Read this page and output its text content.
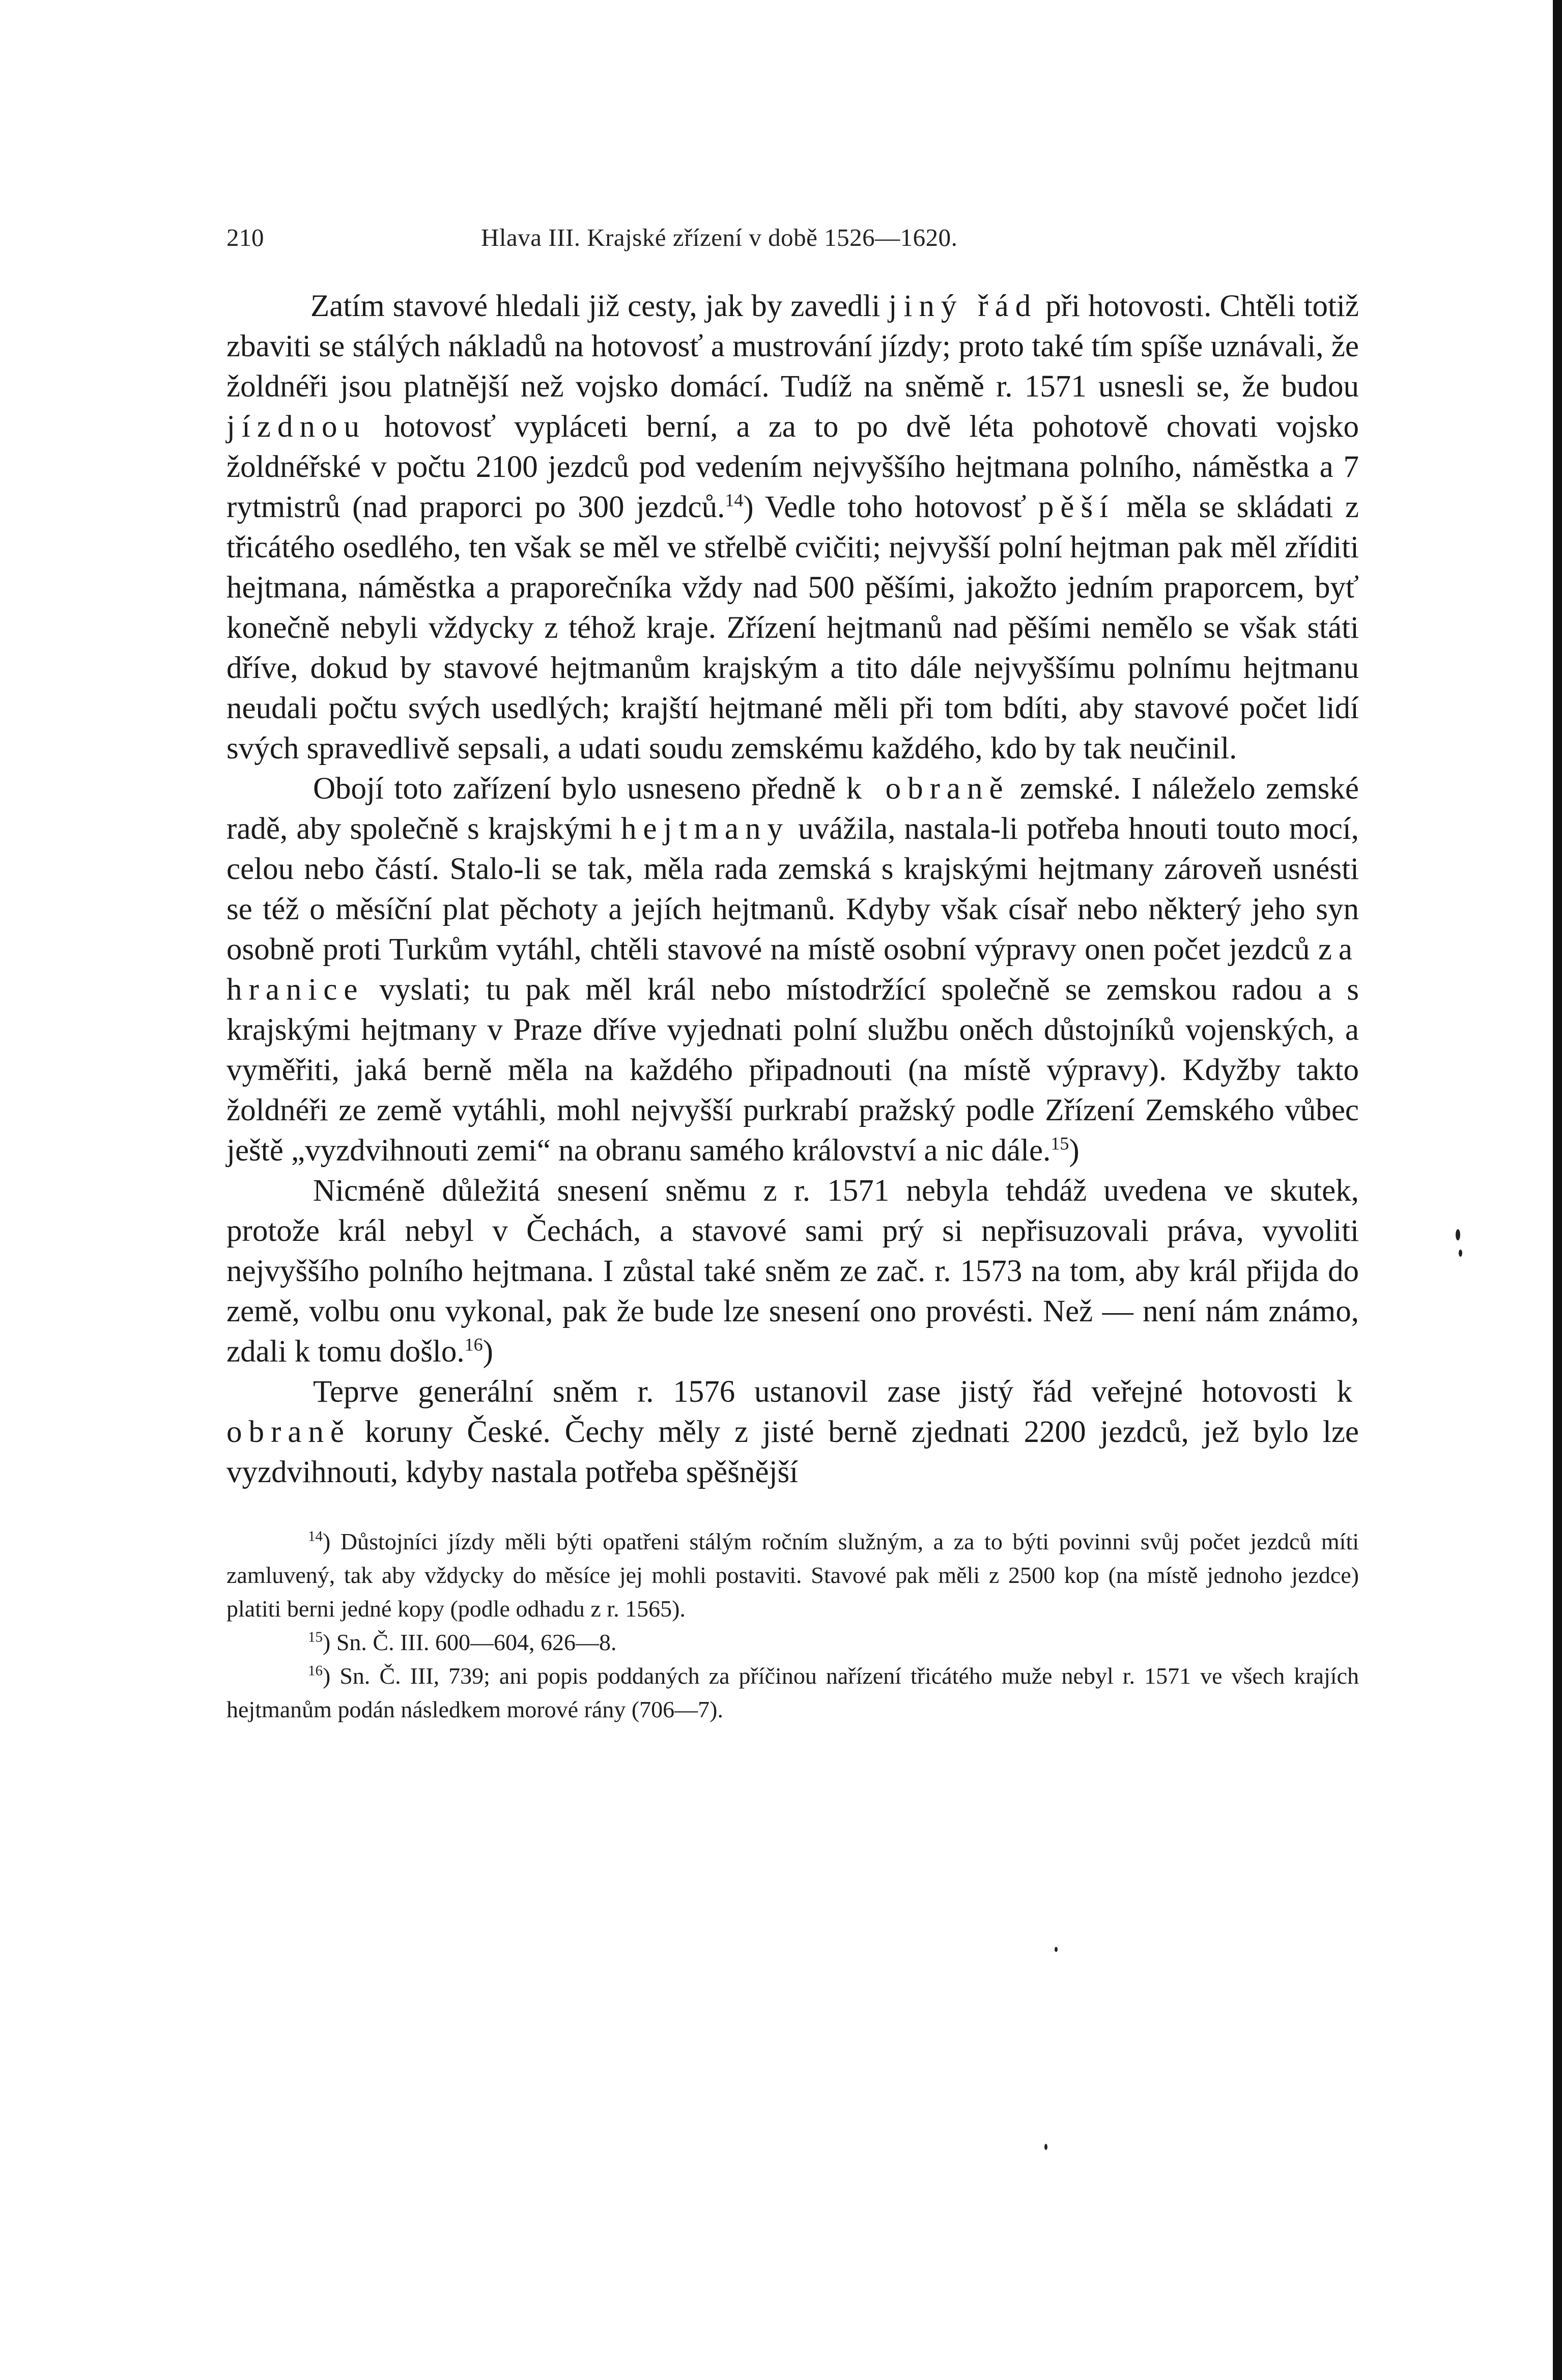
210	Hlava III. Krajské zřízení v době 1526—1620.

Zatím stavové hledali již cesty, jak by zavedli jiný řád při hotovosti. Chtěli totiž zbaviti se stálých nákladů na hotovosť a mustrování jízdy; proto také tím spíše uznávali, že žoldnéři jsou platnější než vojsko domácí. Tudíž na sněmě r. 1571 usnesli se, že budou jízdnou hotovosť vypláceti berní, a za to po dvě léta pohotově chovati vojsko žoldnéřské v počtu 2100 jezdců pod vedením nejvyššího hejtmana polního, náměstka a 7 rytmistrů (nad praporci po 300 jezdců.$^{14}$) Vedle toho hotovosť pěší měla se skládati z třicátého osedlého, ten však se měl ve střelbě cvičiti; nejvyšší polní hejtman pak měl zříditi hejtmana, náměstka a praporečníka vždy nad 500 pěšími, jakožto jedním praporcem, byť konečně nebyli vždycky z téhož kraje. Zřízení hejtmanů nad pěšími nemělo se však státi dříve, dokud by stavové hejtmanům krajským a tito dále nejvyššímu polnímu hejtmanu neudali počtu svých usedlých; krajští hejtmané měli při tom bdíti, aby stavové počet lidí svých spravedlivě sepsali, a udati soudu zemskému každého, kdo by tak neučinil.

Obojí toto zařízení bylo usneseno předně k obraně zemské. I náleželo zemské radě, aby společně s krajskými hejtmany uvážila, nastala-li potřeba hnouti touto mocí, celou nebo částí. Stalo-li se tak, měla rada zemská s krajskými hejtmany zároveň usnésti se též o měsíční plat pěchoty a jejích hejtmanů. Kdyby však císař nebo některý jeho syn osobně proti Turkům vytáhl, chtěli stavové na místě osobní výpravy onen počet jezdců za hranice vyslati; tu pak měl král nebo místodržící společně se zemskou radou a s krajskými hejtmany v Praze dříve vyjednati polní službu oněch důstojníků vojenských, a vyměřiti, jaká berně měla na každého připadnouti (na místě výpravy). Kdyžby takto žoldnéři ze země vytáhli, mohl nejvyšší purkrabí pražský podle Zřízení Zemského vůbec ještě „vyzdvihnouti zemi“ na obranu samého království a nic dále.$^{15}$)

Nicméně důležitá snesení sněmu z r. 1571 nebyla tehdáž uvedena ve skutek, protože král nebyl v Čechách, a stavové sami prý si nepřisuzovali práva, vyvoliti nejvyššího polního hejtmana. I zůstal také sněm ze zač. r. 1573 na tom, aby král přijda do země, volbu onu vykonal, pak že bude lze snesení ono provésti. Než — není nám známo, zdali k tomu došlo.$^{16}$)

Teprve generální sněm r. 1576 ustanovil zase jistý řád veřejné hotovosti k obraně koruny České. Čechy měly z jisté berně zjednati 2200 jezdců, jež bylo lze vyzdvihnouti, kdyby nastala potřeba spěšnější

$^{14}$) Důstojníci jízdy měli býti opatřeni stálým ročním služným, a za to býti povinni svůj počet jezdců míti zamluvený, tak aby vždycky do měsíce jej mohli postaviti. Stavové pak měli z 2500 kop (na místě jednoho jezdce) platiti berni jedné kopy (podle odhadu z r. 1565).

$^{15}$) Sn. Č. III. 600—604, 626—8.

$^{16}$) Sn. Č. III, 739; ani popis poddaných za příčinou nařízení třicátého muže nebyl r. 1571 ve všech krajích hejtmanům podán následkem morové rány (706—7).
